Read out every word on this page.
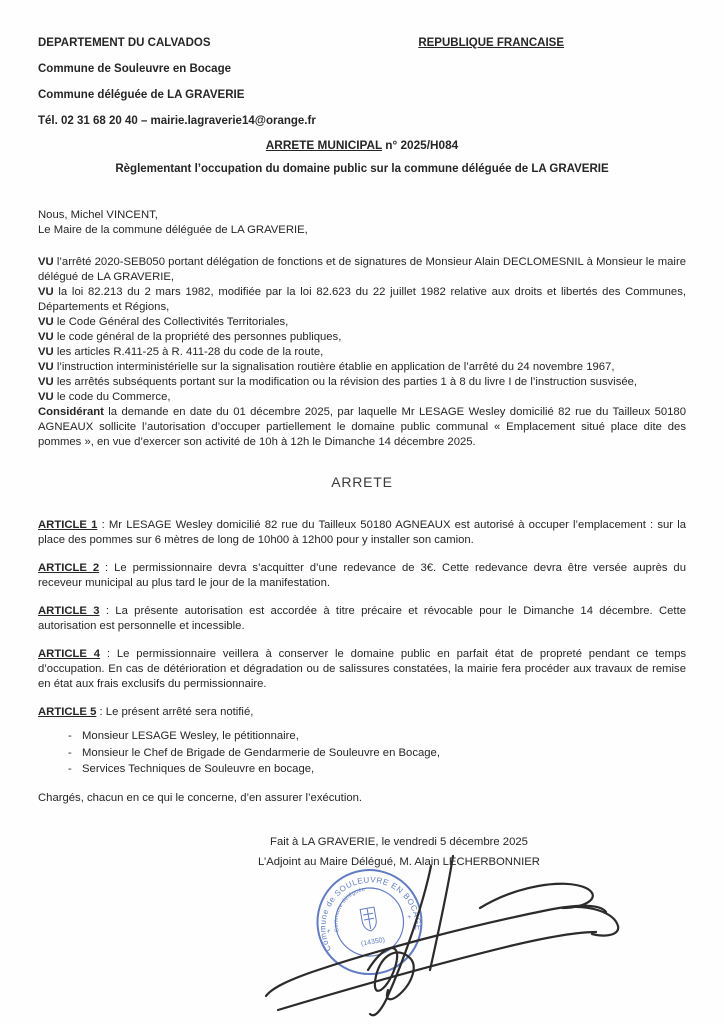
DEPARTEMENT DU CALVADOS	REPUBLIQUE FRANCAISE
Commune de Souleuvre en Bocage
Commune déléguée de LA GRAVERIE
Tél. 02 31 68 20 40 – mairie.lagraverie14@orange.fr
ARRETE MUNICIPAL n° 2025/H084
Règlementant l’occupation du domaine public sur la commune déléguée de LA GRAVERIE
Nous, Michel VINCENT,
Le Maire de la commune déléguée de LA GRAVERIE,

VU l’arrêté 2020-SEB050 portant délégation de fonctions et de signatures de Monsieur Alain DECLOMESNIL à Monsieur le maire délégué de LA GRAVERIE,

VU la loi 82.213 du 2 mars 1982, modifiée par la loi 82.623 du 22 juillet 1982 relative aux droits et libertés des Communes, Départements et Régions,

VU le Code Général des Collectivités Territoriales,

VU le code général de la propriété des personnes publiques,

VU les articles R.411-25 à R. 411-28 du code de la route,

VU l’instruction interministérielle sur la signalisation routière établie en application de l’arrêté du 24 novembre 1967,

VU les arrêtés subséquents portant sur la modification ou la révision des parties 1 à 8 du livre I de l’instruction susvisée,

VU le code du Commerce,

Considérant la demande en date du 01 décembre 2025, par laquelle Mr LESAGE Wesley domicilié 82 rue du Tailleux 50180 AGNEAUX sollicite l’autorisation d’occuper partiellement le domaine public communal « Emplacement situé place dite des pommes », en vue d’exercer son activité de 10h à 12h le Dimanche 14 décembre 2025.

ARRETE

ARTICLE 1 : Mr LESAGE Wesley domicilié 82 rue du Tailleux 50180 AGNEAUX est autorisé à occuper l’emplacement : sur la place des pommes sur 6 mètres de long de 10h00 à 12h00 pour y installer son camion.

ARTICLE 2 : Le permissionnaire devra s’acquitter d’une redevance de 3€. Cette redevance devra être versée auprès du receveur municipal au plus tard le jour de la manifestation.

ARTICLE 3 : La présente autorisation est accordée à titre précaire et révocable pour le Dimanche 14 décembre. Cette autorisation est personnelle et incessible.

ARTICLE 4 : Le permissionnaire veillera à conserver le domaine public en parfait état de propreté pendant ce temps d’occupation. En cas de détérioration et dégradation ou de salissures constatées, la mairie fera procéder aux travaux de remise en état aux frais exclusifs du permissionnaire.

ARTICLE 5 : Le présent arrêté sera notifié,

- Monsieur LESAGE Wesley, le pétitionnaire,
- Monsieur le Chef de Brigade de Gendarmerie de Souleuvre en Bocage,
- Services Techniques de Souleuvre en bocage,

Chargés, chacun en ce qui le concerne, d’en assurer l’exécution.

Fait à LA GRAVERIE, le vendredi 5 décembre 2025
L’Adjoint au Maire Délégué, M. Alain LECHERBONNIER
Commune de SOULEUVRE EN BOCAGE
Commune déléguée
(14350)
+
+
